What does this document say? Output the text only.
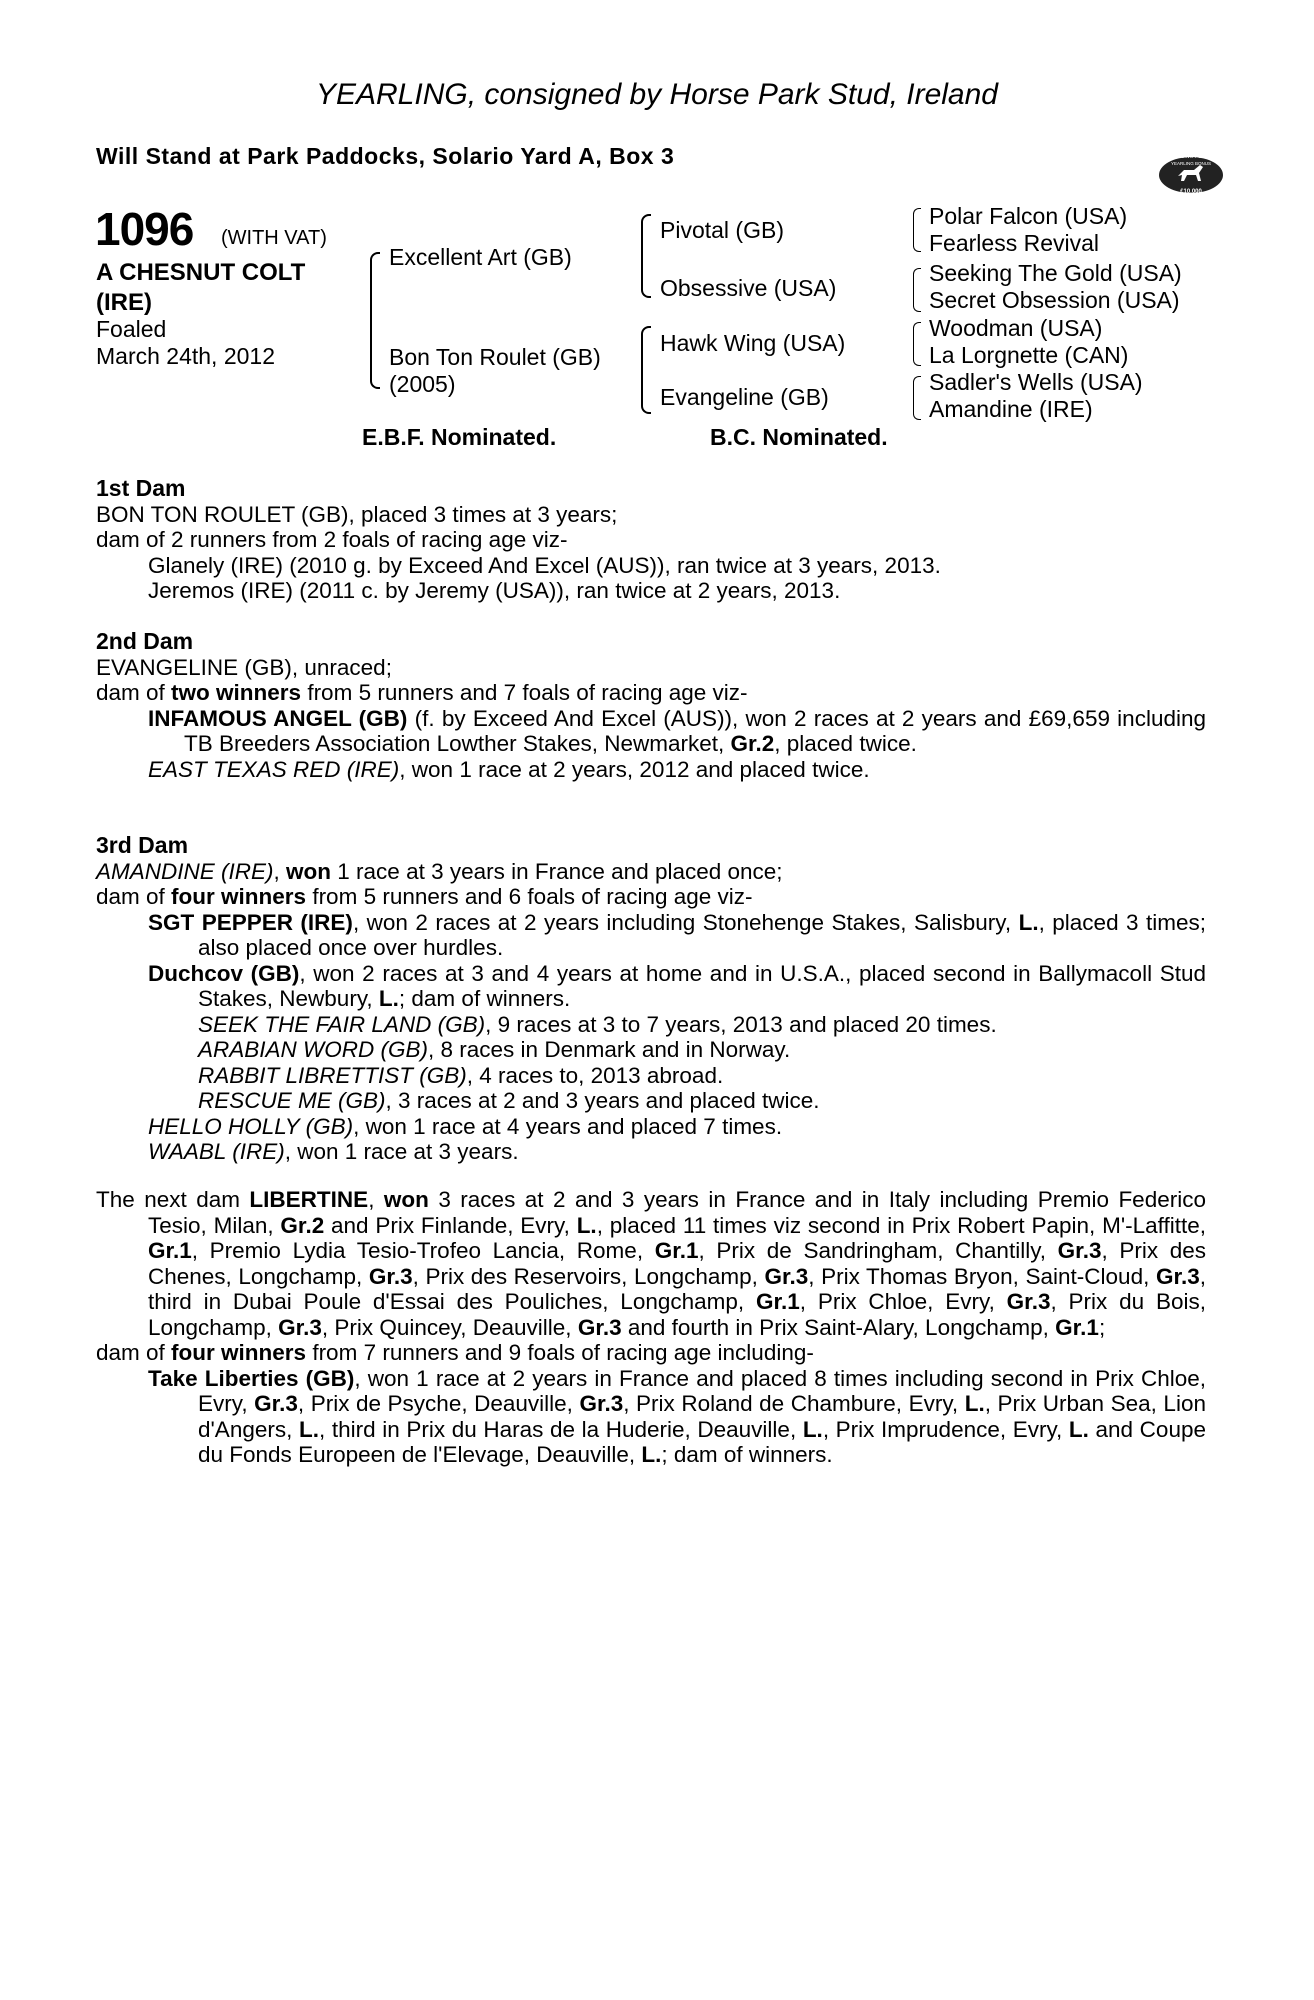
YEARLING, consigned by Horse Park Stud, Ireland
Will Stand at Park Paddocks, Solario Yard A, Box 3	RACING POST
YEARLING BONUS
£10,000
1096 (WITH VAT)
A CHESNUT COLT
(IRE)
Foaled
March 24th, 2012
Excellent Art (GB)
Bon Ton Roulet (GB)
(2005)
Pivotal (GB)
Obsessive (USA)
Hawk Wing (USA)
Evangeline (GB)
Polar Falcon (USA)
Fearless Revival
Seeking The Gold (USA)
Secret Obsession (USA)
Woodman (USA)
La Lorgnette (CAN)
Sadler's Wells (USA)
Amandine (IRE)
E.B.F. Nominated.	B.C. Nominated.
1st Dam
BON TON ROULET (GB), placed 3 times at 3 years;
dam of 2 runners from 2 foals of racing age viz-
Glanely (IRE) (2010 g. by Exceed And Excel (AUS)), ran twice at 3 years, 2013.
Jeremos (IRE) (2011 c. by Jeremy (USA)), ran twice at 2 years, 2013.
2nd Dam
EVANGELINE (GB), unraced;
dam of two winners from 5 runners and 7 foals of racing age viz-
INFAMOUS ANGEL (GB) (f. by Exceed And Excel (AUS)), won 2 races at 2 years and £69,659 including TB Breeders Association Lowther Stakes, Newmarket, Gr.2, placed twice.
EAST TEXAS RED (IRE), won 1 race at 2 years, 2012 and placed twice.
3rd Dam
AMANDINE (IRE), won 1 race at 3 years in France and placed once;
dam of four winners from 5 runners and 6 foals of racing age viz-
SGT PEPPER (IRE), won 2 races at 2 years including Stonehenge Stakes, Salisbury, L., placed 3 times; also placed once over hurdles.
Duchcov (GB), won 2 races at 3 and 4 years at home and in U.S.A., placed second in Ballymacoll Stud Stakes, Newbury, L.; dam of winners.
SEEK THE FAIR LAND (GB), 9 races at 3 to 7 years, 2013 and placed 20 times.
ARABIAN WORD (GB), 8 races in Denmark and in Norway.
RABBIT LIBRETTIST (GB), 4 races to, 2013 abroad.
RESCUE ME (GB), 3 races at 2 and 3 years and placed twice.
HELLO HOLLY (GB), won 1 race at 4 years and placed 7 times.
WAABL (IRE), won 1 race at 3 years.
The next dam LIBERTINE, won 3 races at 2 and 3 years in France and in Italy including Premio Federico Tesio, Milan, Gr.2 and Prix Finlande, Evry, L., placed 11 times viz second in Prix Robert Papin, M'-Laffitte, Gr.1, Premio Lydia Tesio-Trofeo Lancia, Rome, Gr.1, Prix de Sandringham, Chantilly, Gr.3, Prix des Chenes, Longchamp, Gr.3, Prix des Reservoirs, Longchamp, Gr.3, Prix Thomas Bryon, Saint-Cloud, Gr.3, third in Dubai Poule d'Essai des Pouliches, Longchamp, Gr.1, Prix Chloe, Evry, Gr.3, Prix du Bois, Longchamp, Gr.3, Prix Quincey, Deauville, Gr.3 and fourth in Prix Saint-Alary, Longchamp, Gr.1;
dam of four winners from 7 runners and 9 foals of racing age including-
Take Liberties (GB), won 1 race at 2 years in France and placed 8 times including second in Prix Chloe, Evry, Gr.3, Prix de Psyche, Deauville, Gr.3, Prix Roland de Chambure, Evry, L., Prix Urban Sea, Lion d'Angers, L., third in Prix du Haras de la Huderie, Deauville, L., Prix Imprudence, Evry, L. and Coupe du Fonds Europeen de l'Elevage, Deauville, L.; dam of winners.
